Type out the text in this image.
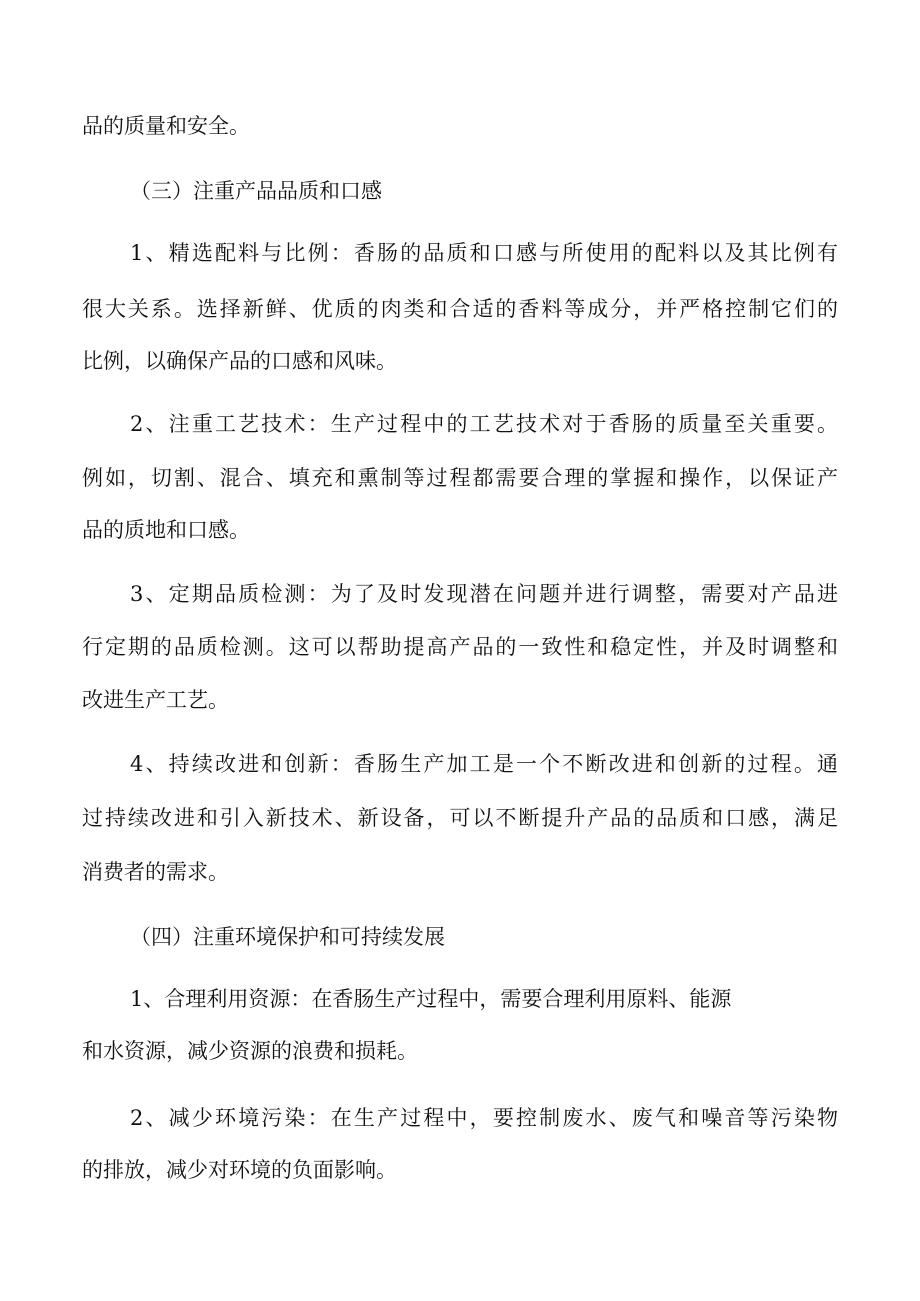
品的质量和安全。
（三）注重产品品质和口感
1、精选配料与比例：香肠的品质和口感与所使用的配料以及其比例有
很大关系。选择新鲜、优质的肉类和合适的香料等成分，并严格控制它们的
比例，以确保产品的口感和风味。
2、注重工艺技术：生产过程中的工艺技术对于香肠的质量至关重要。
例如，切割、混合、填充和熏制等过程都需要合理的掌握和操作，以保证产
品的质地和口感。
3、定期品质检测：为了及时发现潜在问题并进行调整，需要对产品进
行定期的品质检测。这可以帮助提高产品的一致性和稳定性，并及时调整和
改进生产工艺。
4、持续改进和创新：香肠生产加工是一个不断改进和创新的过程。通
过持续改进和引入新技术、新设备，可以不断提升产品的品质和口感，满足
消费者的需求。
（四）注重环境保护和可持续发展
1、合理利用资源：在香肠生产过程中，需要合理利用原料、能源
和水资源，减少资源的浪费和损耗。
2、减少环境污染：在生产过程中，要控制废水、废气和噪音等污染物
的排放，减少对环境的负面影响。
